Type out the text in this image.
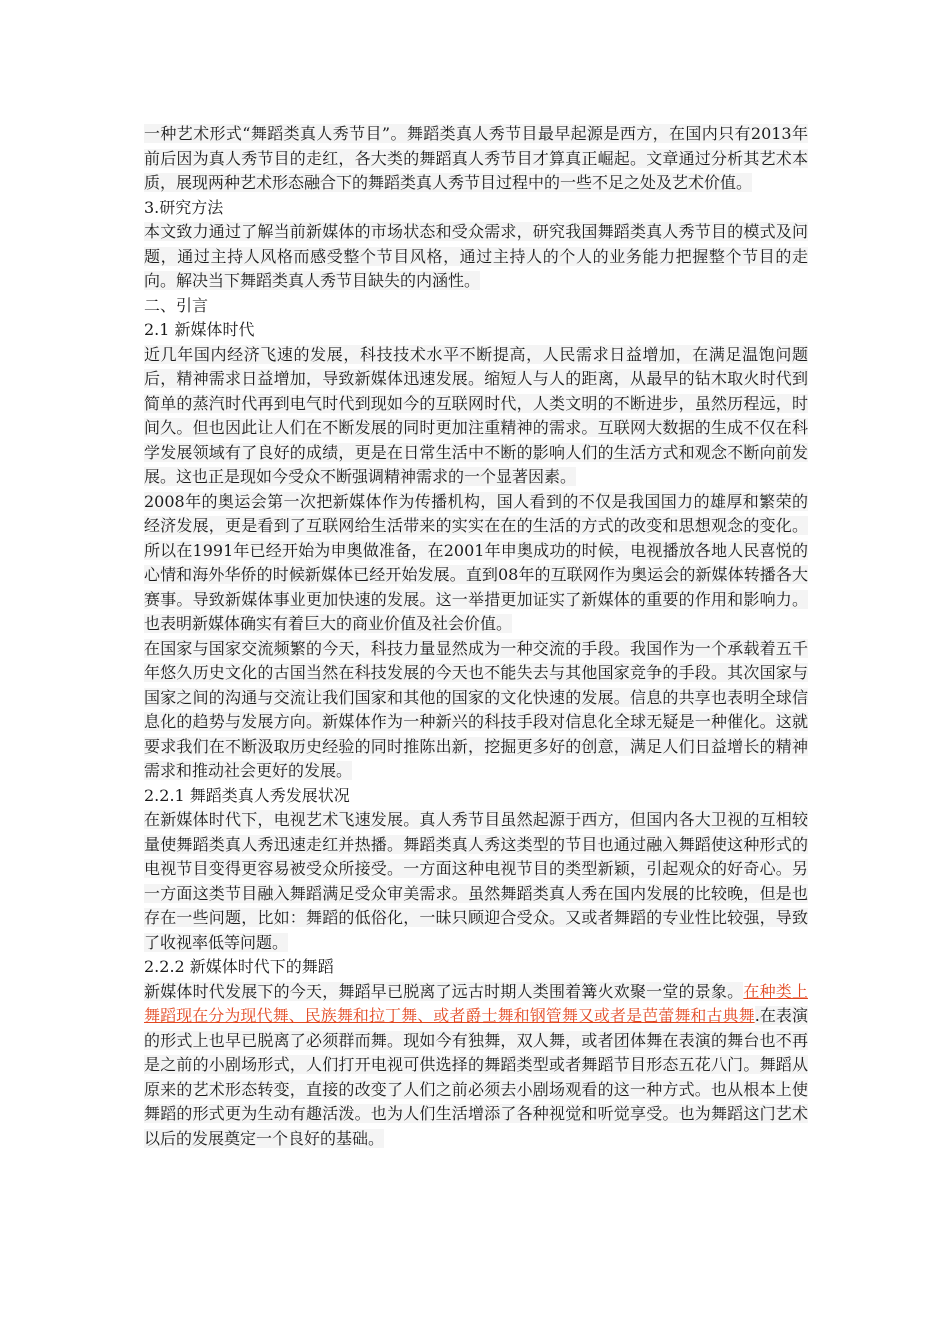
一种艺术形式“舞蹈类真人秀节目”。舞蹈类真人秀节目最早起源是西方，在国内只有2013年前后因为真人秀节目的走红，各大类的舞蹈真人秀节目才算真正崛起。文章通过分析其艺术本质，展现两种艺术形态融合下的舞蹈类真人秀节目过程中的一些不足之处及艺术价值。

3.研究方法

本文致力通过了解当前新媒体的市场状态和受众需求，研究我国舞蹈类真人秀节目的模式及问题，通过主持人风格而感受整个节目风格，通过主持人的个人的业务能力把握整个节目的走向。解决当下舞蹈类真人秀节目缺失的内涵性。

二、引言

2.1 新媒体时代

近几年国内经济飞速的发展，科技技术水平不断提高，人民需求日益增加，在满足温饱问题后，精神需求日益增加，导致新媒体迅速发展。缩短人与人的距离，从最早的钻木取火时代到简单的蒸汽时代再到电气时代到现如今的互联网时代，人类文明的不断进步，虽然历程远，时间久。但也因此让人们在不断发展的同时更加注重精神的需求。互联网大数据的生成不仅在科学发展领域有了良好的成绩，更是在日常生活中不断的影响人们的生活方式和观念不断向前发展。这也正是现如今受众不断强调精神需求的一个显著因素。

2008年的奥运会第一次把新媒体作为传播机构，国人看到的不仅是我国国力的雄厚和繁荣的经济发展，更是看到了互联网给生活带来的实实在在的生活的方式的改变和思想观念的变化。所以在1991年已经开始为申奥做准备，在2001年申奥成功的时候，电视播放各地人民喜悦的心情和海外华侨的时候新媒体已经开始发展。直到08年的互联网作为奥运会的新媒体转播各大赛事。导致新媒体事业更加快速的发展。这一举措更加证实了新媒体的重要的作用和影响力。也表明新媒体确实有着巨大的商业价值及社会价值。

在国家与国家交流频繁的今天，科技力量显然成为一种交流的手段。我国作为一个承载着五千年悠久历史文化的古国当然在科技发展的今天也不能失去与其他国家竞争的手段。其次国家与国家之间的沟通与交流让我们国家和其他的国家的文化快速的发展。信息的共享也表明全球信息化的趋势与发展方向。新媒体作为一种新兴的科技手段对信息化全球无疑是一种催化。这就要求我们在不断汲取历史经验的同时推陈出新，挖掘更多好的创意，满足人们日益增长的精神需求和推动社会更好的发展。

2.2.1 舞蹈类真人秀发展状况

在新媒体时代下，电视艺术飞速发展。真人秀节目虽然起源于西方，但国内各大卫视的互相较量使舞蹈类真人秀迅速走红并热播。舞蹈类真人秀这类型的节目也通过融入舞蹈使这种形式的电视节目变得更容易被受众所接受。一方面这种电视节目的类型新颖，引起观众的好奇心。另一方面这类节目融入舞蹈满足受众审美需求。虽然舞蹈类真人秀在国内发展的比较晚，但是也存在一些问题，比如：舞蹈的低俗化，一昧只顾迎合受众。又或者舞蹈的专业性比较强，导致了收视率低等问题。

2.2.2 新媒体时代下的舞蹈

新媒体时代发展下的今天，舞蹈早已脱离了远古时期人类围着篝火欢聚一堂的景象。在种类上舞蹈现在分为现代舞、民族舞和拉丁舞、或者爵士舞和钢管舞又或者是芭蕾舞和古典舞.在表演的形式上也早已脱离了必须群而舞。现如今有独舞，双人舞，或者团体舞在表演的舞台也不再是之前的小剧场形式，人们打开电视可供选择的舞蹈类型或者舞蹈节目形态五花八门。舞蹈从原来的艺术形态转变，直接的改变了人们之前必须去小剧场观看的这一种方式。也从根本上使舞蹈的形式更为生动有趣活泼。也为人们生活增添了各种视觉和听觉享受。也为舞蹈这门艺术以后的发展奠定一个良好的基础。
